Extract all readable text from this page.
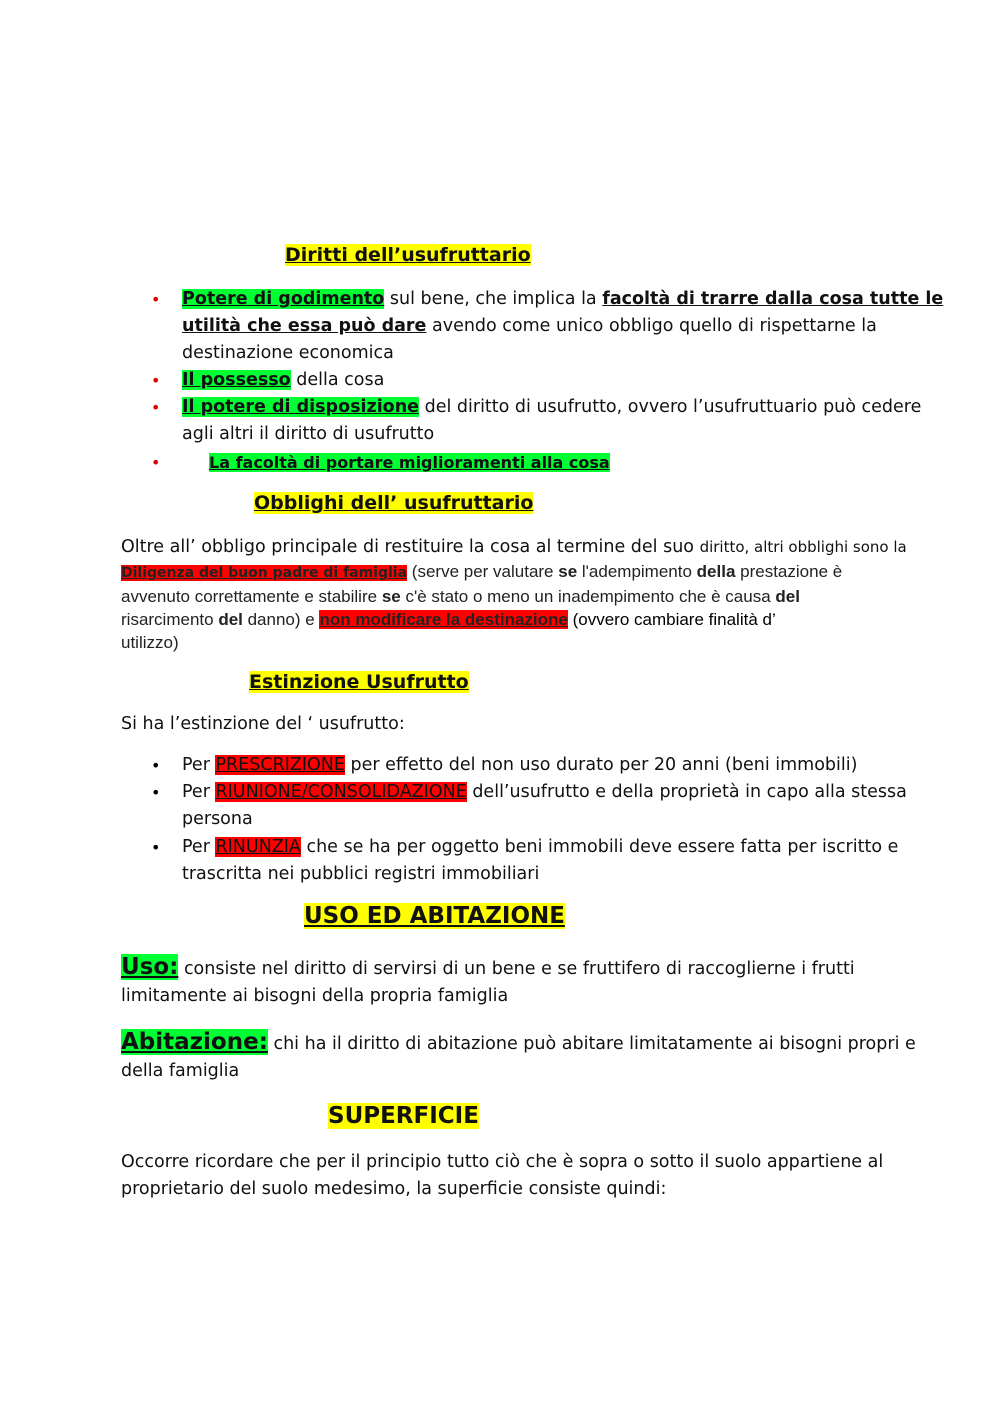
Diritti dell’usufruttario
• Potere di godimento sul bene, che implica la facoltà di trarre dalla cosa tutte le
utilità che essa può dare avendo come unico obbligo quello di rispettarne la
destinazione economica
• Il possesso della cosa
• Il potere di disposizione del diritto di usufrutto, ovvero l’usufruttuario può cedere
agli altri il diritto di usufrutto
•	La facoltà di portare miglioramenti alla cosa
Obblighi dell’ usufruttario
Oltre all’ obbligo principale di restituire la cosa al termine del suo diritto, altri obblighi sono la
Diligenza del buon padre di famiglia (serve per valutare se l'adempimento della prestazione è
avvenuto correttamente e stabilire se c'è stato o meno un inadempimento che è causa del
risarcimento del danno) e non modificare la destinazione (ovvero cambiare finalità d’
utilizzo)
Estinzione Usufrutto
Si ha l’estinzione del ‘ usufrutto:
• Per PRESCRIZIONE per effetto del non uso durato per 20 anni (beni immobili)
• Per RIUNIONE/CONSOLIDAZIONE dell’usufrutto e della proprietà in capo alla stessa
persona
• Per RINUNZIA che se ha per oggetto beni immobili deve essere fatta per iscritto e
trascritta nei pubblici registri immobiliari
USO ED ABITAZIONE
Uso: consiste nel diritto di servirsi di un bene e se fruttifero di raccoglierne i frutti
limitamente ai bisogni della propria famiglia
Abitazione: chi ha il diritto di abitazione può abitare limitatamente ai bisogni propri e
della famiglia
SUPERFICIE
Occorre ricordare che per il principio tutto ciò che è sopra o sotto il suolo appartiene al
proprietario del suolo medesimo, la superficie consiste quindi:
